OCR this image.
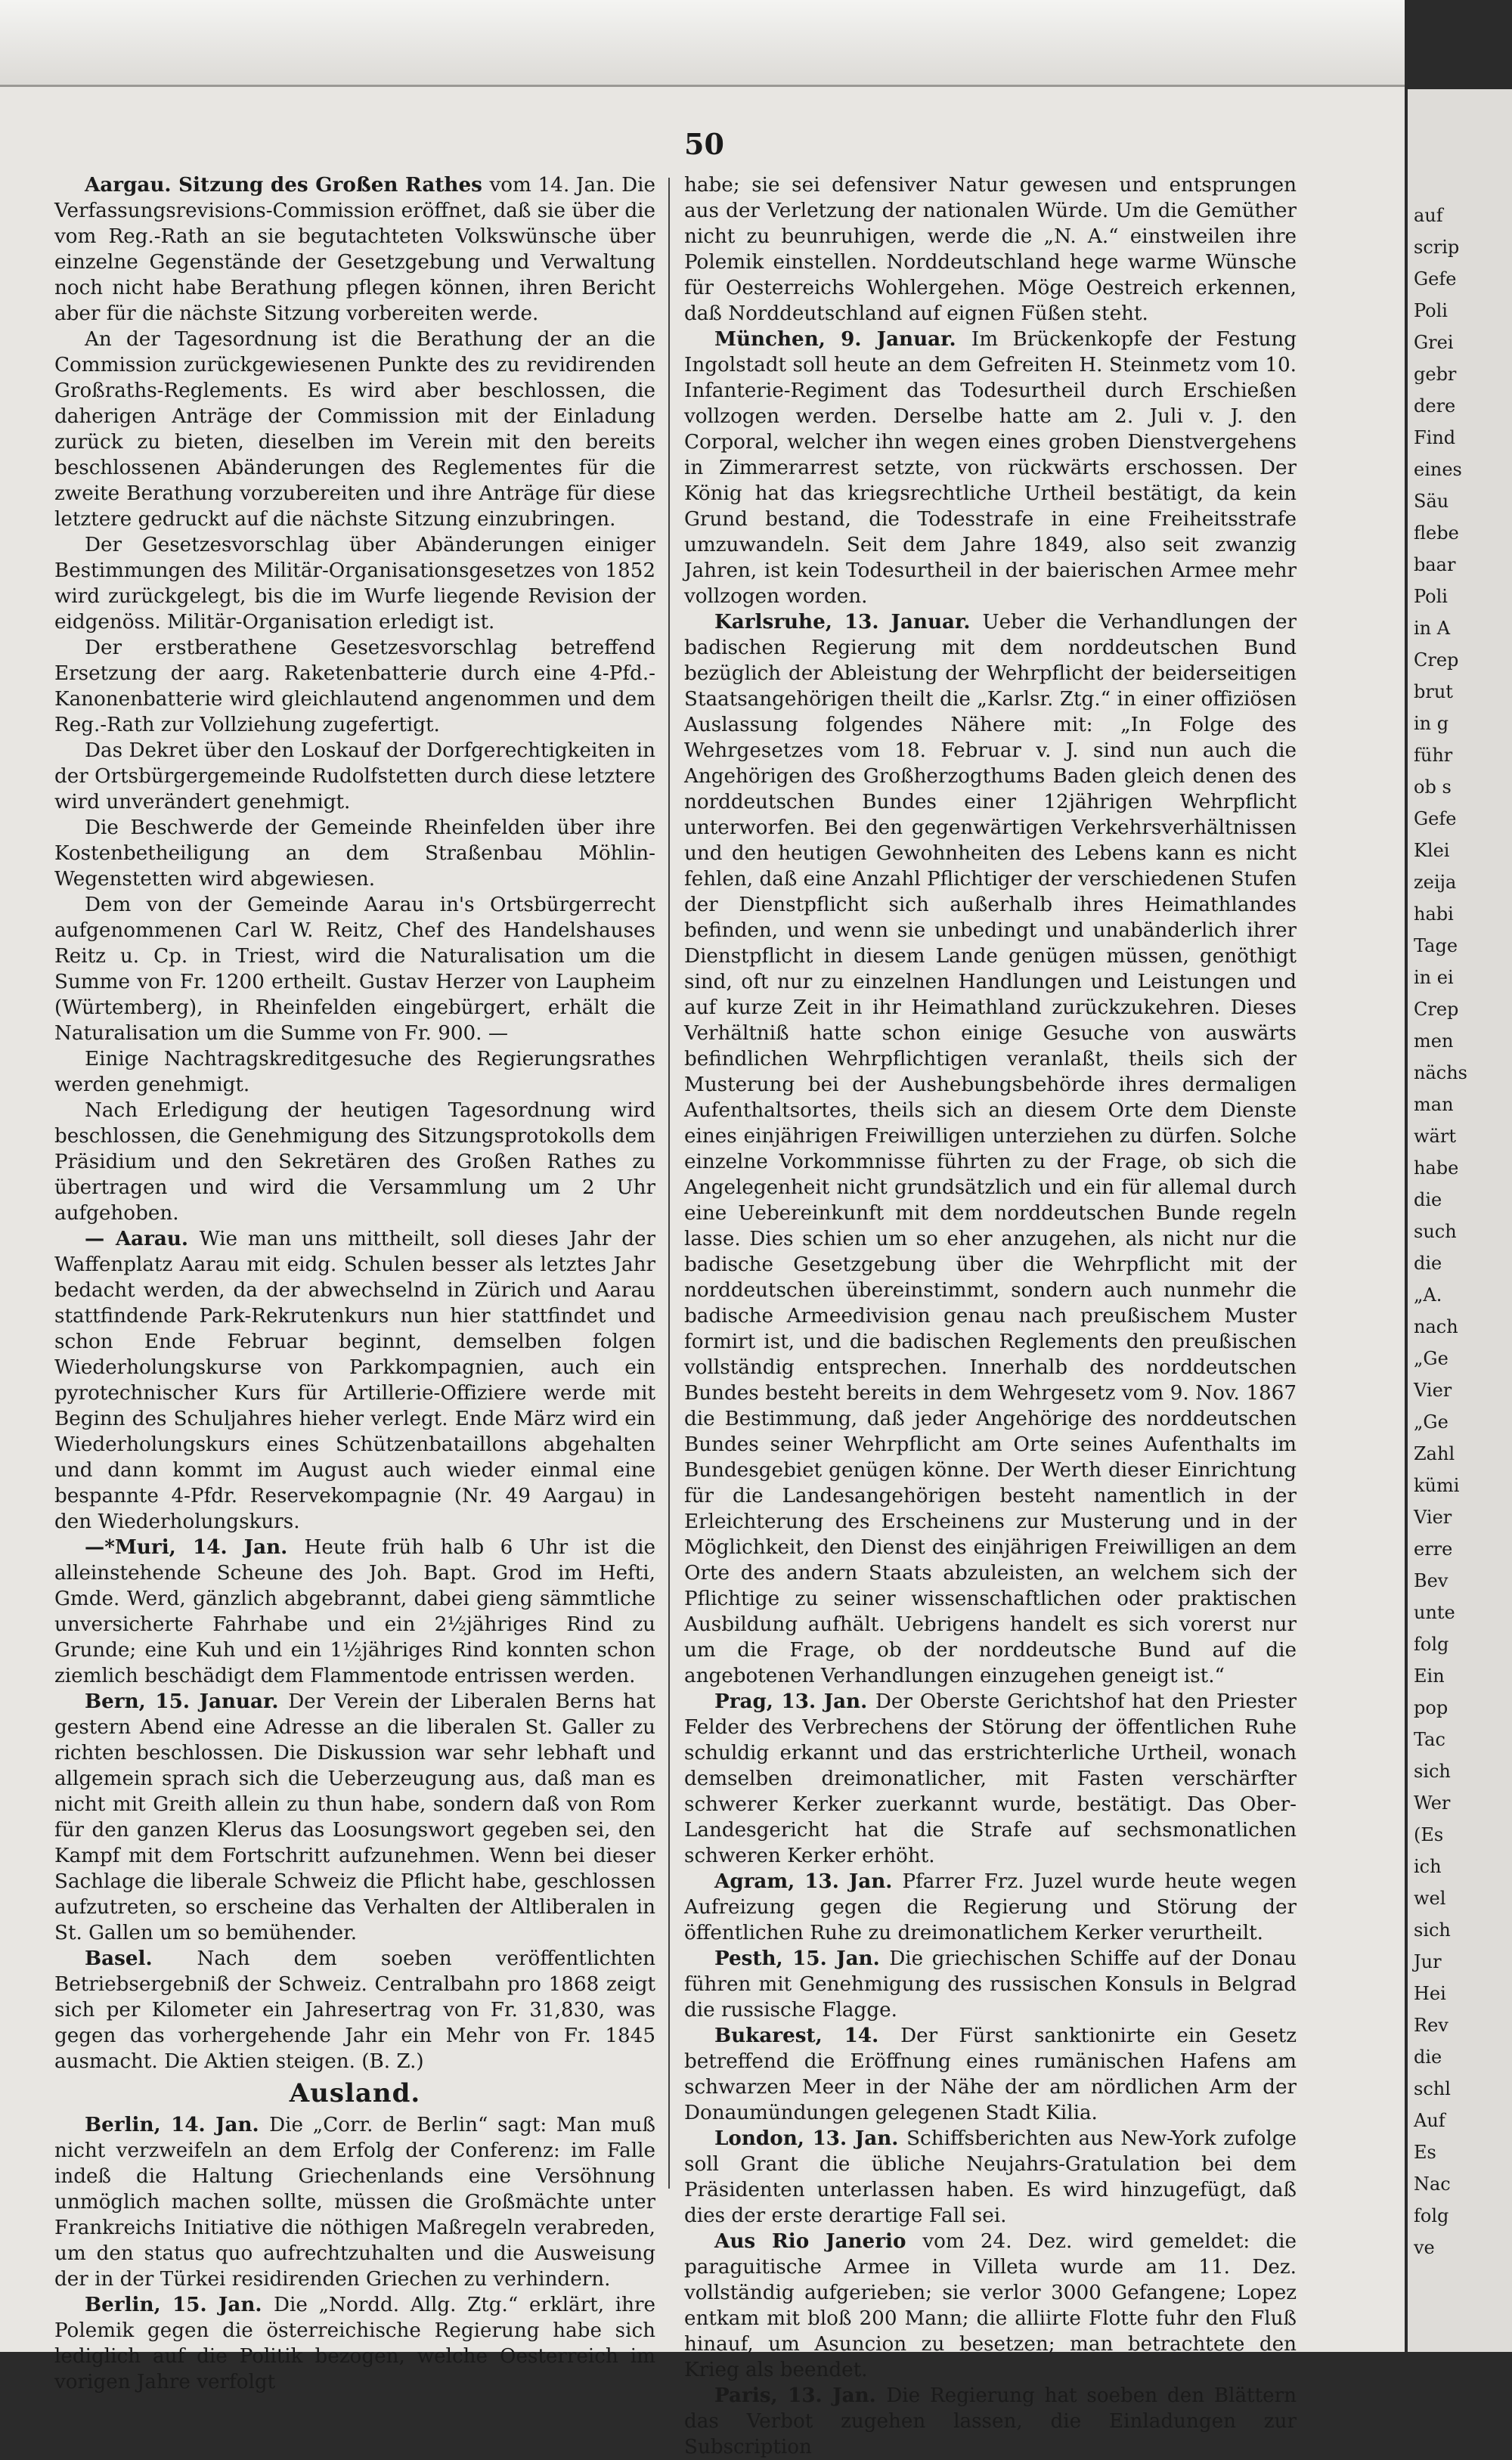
50

Aargau. Sitzung des Großen Rathes vom 14. Jan. Die Verfassungsrevisions-Commission eröffnet, daß sie über die vom Reg.-Rath an sie begutachteten Volkswünsche über einzelne Gegenstände der Gesetzgebung und Verwaltung noch nicht habe Berathung pflegen können, ihren Bericht aber für die nächste Sitzung vorbereiten werde.

An der Tagesordnung ist die Berathung der an die Commission zurückgewiesenen Punkte des zu revidirenden Großraths-Reglements. Es wird aber beschlossen, die daherigen Anträge der Commission mit der Einladung zurück zu bieten, dieselben im Verein mit den bereits beschlossenen Abänderungen des Reglementes für die zweite Berathung vorzubereiten und ihre Anträge für diese letztere gedruckt auf die nächste Sitzung einzubringen.

Der Gesetzesvorschlag über Abänderungen einiger Bestimmungen des Militär-Organisationsgesetzes von 1852 wird zurückgelegt, bis die im Wurfe liegende Revision der eidgenöss. Militär-Organisation erledigt ist.

Der erstberathene Gesetzesvorschlag betreffend Ersetzung der aarg. Raketenbatterie durch eine 4-Pfd.-Kanonenbatterie wird gleichlautend angenommen und dem Reg.-Rath zur Vollziehung zugefertigt.

Das Dekret über den Loskauf der Dorfgerechtigkeiten in der Ortsbürgergemeinde Rudolfstetten durch diese letztere wird unverändert genehmigt.

Die Beschwerde der Gemeinde Rheinfelden über ihre Kostenbetheiligung an dem Straßenbau Möhlin-Wegenstetten wird abgewiesen.

Dem von der Gemeinde Aarau in's Ortsbürgerrecht aufgenommenen Carl W. Reitz, Chef des Handelshauses Reitz u. Cp. in Triest, wird die Naturalisation um die Summe von Fr. 1200 ertheilt. Gustav Herzer von Laupheim (Würtemberg), in Rheinfelden eingebürgert, erhält die Naturalisation um die Summe von Fr. 900. —

Einige Nachtragskreditgesuche des Regierungsrathes werden genehmigt.

Nach Erledigung der heutigen Tagesordnung wird beschlossen, die Genehmigung des Sitzungsprotokolls dem Präsidium und den Sekretären des Großen Rathes zu übertragen und wird die Versammlung um 2 Uhr aufgehoben.

— Aarau. Wie man uns mittheilt, soll dieses Jahr der Waffenplatz Aarau mit eidg. Schulen besser als letztes Jahr bedacht werden, da der abwechselnd in Zürich und Aarau stattfindende Park-Rekrutenkurs nun hier stattfindet und schon Ende Februar beginnt, demselben folgen Wiederholungskurse von Parkkompagnien, auch ein pyrotechnischer Kurs für Artillerie-Offiziere werde mit Beginn des Schuljahres hieher verlegt. Ende März wird ein Wiederholungskurs eines Schützenbataillons abgehalten und dann kommt im August auch wieder einmal eine bespannte 4-Pfdr. Reservekompagnie (Nr. 49 Aargau) in den Wiederholungskurs.

—*Muri, 14. Jan. Heute früh halb 6 Uhr ist die alleinstehende Scheune des Joh. Bapt. Grod im Hefti, Gmde. Werd, gänzlich abgebrannt, dabei gieng sämmtliche unversicherte Fahrhabe und ein 2½jähriges Rind zu Grunde; eine Kuh und ein 1½jähriges Rind konnten schon ziemlich beschädigt dem Flammentode entrissen werden.

Bern, 15. Januar. Der Verein der Liberalen Berns hat gestern Abend eine Adresse an die liberalen St. Galler zu richten beschlossen. Die Diskussion war sehr lebhaft und allgemein sprach sich die Ueberzeugung aus, daß man es nicht mit Greith allein zu thun habe, sondern daß von Rom für den ganzen Klerus das Loosungswort gegeben sei, den Kampf mit dem Fortschritt aufzunehmen. Wenn bei dieser Sachlage die liberale Schweiz die Pflicht habe, geschlossen aufzutreten, so erscheine das Verhalten der Altliberalen in St. Gallen um so bemühender.

Basel. Nach dem soeben veröffentlichten Betriebsergebniß der Schweiz. Centralbahn pro 1868 zeigt sich per Kilometer ein Jahresertrag von Fr. 31,830, was gegen das vorhergehende Jahr ein Mehr von Fr. 1845 ausmacht. Die Aktien steigen. (B. Z.)

Ausland.

Berlin, 14. Jan. Die „Corr. de Berlin“ sagt: Man muß nicht verzweifeln an dem Erfolg der Conferenz: im Falle indeß die Haltung Griechenlands eine Versöhnung unmöglich machen sollte, müssen die Großmächte unter Frankreichs Initiative die nöthigen Maßregeln verabreden, um den status quo aufrechtzuhalten und die Ausweisung der in der Türkei residirenden Griechen zu verhindern.

Berlin, 15. Jan. Die „Nordd. Allg. Ztg.“ erklärt, ihre Polemik gegen die österreichische Regierung habe sich lediglich auf die Politik bezogen, welche Oesterreich im vorigen Jahre verfolgt

habe; sie sei defensiver Natur gewesen und entsprungen aus der Verletzung der nationalen Würde. Um die Gemüther nicht zu beunruhigen, werde die „N. A.“ einstweilen ihre Polemik einstellen. Norddeutschland hege warme Wünsche für Oesterreichs Wohlergehen. Möge Oestreich erkennen, daß Norddeutschland auf eignen Füßen steht.

München, 9. Januar. Im Brückenkopfe der Festung Ingolstadt soll heute an dem Gefreiten H. Steinmetz vom 10. Infanterie-Regiment das Todesurtheil durch Erschießen vollzogen werden. Derselbe hatte am 2. Juli v. J. den Corporal, welcher ihn wegen eines groben Dienstvergehens in Zimmerarrest setzte, von rückwärts erschossen. Der König hat das kriegsrechtliche Urtheil bestätigt, da kein Grund bestand, die Todesstrafe in eine Freiheitsstrafe umzuwandeln. Seit dem Jahre 1849, also seit zwanzig Jahren, ist kein Todesurtheil in der baierischen Armee mehr vollzogen worden.

Karlsruhe, 13. Januar. Ueber die Verhandlungen der badischen Regierung mit dem norddeutschen Bund bezüglich der Ableistung der Wehrpflicht der beiderseitigen Staatsangehörigen theilt die „Karlsr. Ztg.“ in einer offiziösen Auslassung folgendes Nähere mit: „In Folge des Wehrgesetzes vom 18. Februar v. J. sind nun auch die Angehörigen des Großherzogthums Baden gleich denen des norddeutschen Bundes einer 12jährigen Wehrpflicht unterworfen. Bei den gegenwärtigen Verkehrsverhältnissen und den heutigen Gewohnheiten des Lebens kann es nicht fehlen, daß eine Anzahl Pflichtiger der verschiedenen Stufen der Dienstpflicht sich außerhalb ihres Heimathlandes befinden, und wenn sie unbedingt und unabänderlich ihrer Dienstpflicht in diesem Lande genügen müssen, genöthigt sind, oft nur zu einzelnen Handlungen und Leistungen und auf kurze Zeit in ihr Heimathland zurückzukehren. Dieses Verhältniß hatte schon einige Gesuche von auswärts befindlichen Wehrpflichtigen veranlaßt, theils sich der Musterung bei der Aushebungsbehörde ihres dermaligen Aufenthaltsortes, theils sich an diesem Orte dem Dienste eines einjährigen Freiwilligen unterziehen zu dürfen. Solche einzelne Vorkommnisse führten zu der Frage, ob sich die Angelegenheit nicht grundsätzlich und ein für allemal durch eine Uebereinkunft mit dem norddeutschen Bunde regeln lasse. Dies schien um so eher anzugehen, als nicht nur die badische Gesetzgebung über die Wehrpflicht mit der norddeutschen übereinstimmt, sondern auch nunmehr die badische Armeedivision genau nach preußischem Muster formirt ist, und die badischen Reglements den preußischen vollständig entsprechen. Innerhalb des norddeutschen Bundes besteht bereits in dem Wehrgesetz vom 9. Nov. 1867 die Bestimmung, daß jeder Angehörige des norddeutschen Bundes seiner Wehrpflicht am Orte seines Aufenthalts im Bundesgebiet genügen könne. Der Werth dieser Einrichtung für die Landesangehörigen besteht namentlich in der Erleichterung des Erscheinens zur Musterung und in der Möglichkeit, den Dienst des einjährigen Freiwilligen an dem Orte des andern Staats abzuleisten, an welchem sich der Pflichtige zu seiner wissenschaftlichen oder praktischen Ausbildung aufhält. Uebrigens handelt es sich vorerst nur um die Frage, ob der norddeutsche Bund auf die angebotenen Verhandlungen einzugehen geneigt ist.“

Prag, 13. Jan. Der Oberste Gerichtshof hat den Priester Felder des Verbrechens der Störung der öffentlichen Ruhe schuldig erkannt und das erstrichterliche Urtheil, wonach demselben dreimonatlicher, mit Fasten verschärfter schwerer Kerker zuerkannt wurde, bestätigt. Das Ober-Landesgericht hat die Strafe auf sechsmonatlichen schweren Kerker erhöht.

Agram, 13. Jan. Pfarrer Frz. Juzel wurde heute wegen Aufreizung gegen die Regierung und Störung der öffentlichen Ruhe zu dreimonatlichem Kerker verurtheilt.

Pesth, 15. Jan. Die griechischen Schiffe auf der Donau führen mit Genehmigung des russischen Konsuls in Belgrad die russische Flagge.

Bukarest, 14. Der Fürst sanktionirte ein Gesetz betreffend die Eröffnung eines rumänischen Hafens am schwarzen Meer in der Nähe der am nördlichen Arm der Donaumündungen gelegenen Stadt Kilia.

London, 13. Jan. Schiffsberichten aus New-York zufolge soll Grant die übliche Neujahrs-Gratulation bei dem Präsidenten unterlassen haben. Es wird hinzugefügt, daß dies der erste derartige Fall sei.

Aus Rio Janerio vom 24. Dez. wird gemeldet: die paraguitische Armee in Villeta wurde am 11. Dez. vollständig aufgerieben; sie verlor 3000 Gefangene; Lopez entkam mit bloß 200 Mann; die alliirte Flotte fuhr den Fluß hinauf, um Asuncion zu besetzen; man betrachtete den Krieg als beendet.

Paris, 13. Jan. Die Regierung hat soeben den Blättern das Verbot zugehen lassen, die Einladungen zur Subscription

auf
scrip
Gefe
Poli
Grei
gebr
dere
Find
eines
Säu
flebe
baar
Poli
in A
Crep
brut
in g
führ
ob s
Gefe
Klei
zeija
habi
Tage
in ei
Crep
men
nächs
man
wärt
habe
die
such
die
„A.
nach
„Ge
Vier
„Ge
Zahl
kümi
Vier
erre
Bev
unte
folg
Ein
pop
Tac
sich
Wer
(Es
ich
wel
sich
Jur
Hei
Rev
die
schl
Auf
Es
Nac
folg
ve
